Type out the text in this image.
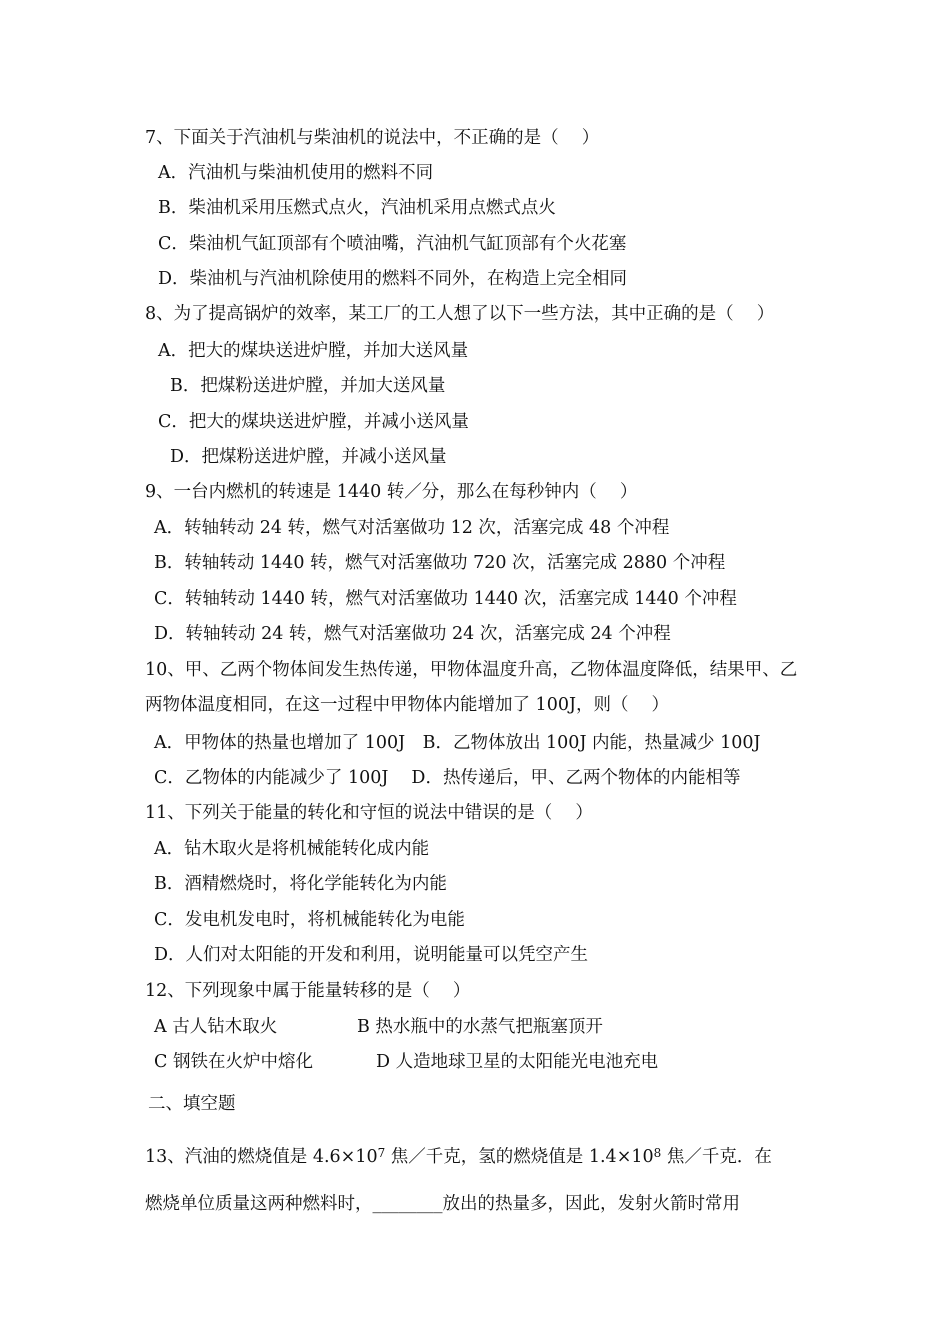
7、下面关于汽油机与柴油机的说法中，不正确的是（　 ）
A．汽油机与柴油机使用的燃料不同
B．柴油机采用压燃式点火，汽油机采用点燃式点火
C．柴油机气缸顶部有个喷油嘴，汽油机气缸顶部有个火花塞
D．柴油机与汽油机除使用的燃料不同外，在构造上完全相同
8、为了提高锅炉的效率，某工厂的工人想了以下一些方法，其中正确的是（　 ）
A．把大的煤块送进炉膛，并加大送风量
B．把煤粉送进炉膛，并加大送风量
C．把大的煤块送进炉膛，并减小送风量
D．把煤粉送进炉膛，并减小送风量
9、一台内燃机的转速是 1440 转／分，那么在每秒钟内（　 ）
A．转轴转动 24 转，燃气对活塞做功 12 次，活塞完成 48 个冲程
B．转轴转动 1440 转，燃气对活塞做功 720 次，活塞完成 2880 个冲程
C．转轴转动 1440 转，燃气对活塞做功 1440 次，活塞完成 1440 个冲程
D．转轴转动 24 转，燃气对活塞做功 24 次，活塞完成 24 个冲程
10、甲、乙两个物体间发生热传递，甲物体温度升高，乙物体温度降低，结果甲、乙
两物体温度相同，在这一过程中甲物体内能增加了 100J，则（　 ）
A．甲物体的热量也增加了 100J　B．乙物体放出 100J 内能，热量减少 100J
C．乙物体的内能减少了 100J　 D．热传递后，甲、乙两个物体的内能相等
11、下列关于能量的转化和守恒的说法中错误的是（　 ）
A．钻木取火是将机械能转化成内能
B．酒精燃烧时，将化学能转化为内能
C．发电机发电时，将机械能转化为电能
D．人们对太阳能的开发和利用，说明能量可以凭空产生
12、下列现象中属于能量转移的是（　 ）
A 古人钻木取火	B 热水瓶中的水蒸气把瓶塞顶开
C 钢铁在火炉中熔化	D 人造地球卫星的太阳能光电池充电
二、填空题
13、汽油的燃烧值是 $4.6\times 10^7$ 焦／千克，氢的燃烧值是 $1.4\times 10^8$ 焦／千克．在
燃烧单位质量这两种燃料时，________放出的热量多，因此，发射火箭时常用
